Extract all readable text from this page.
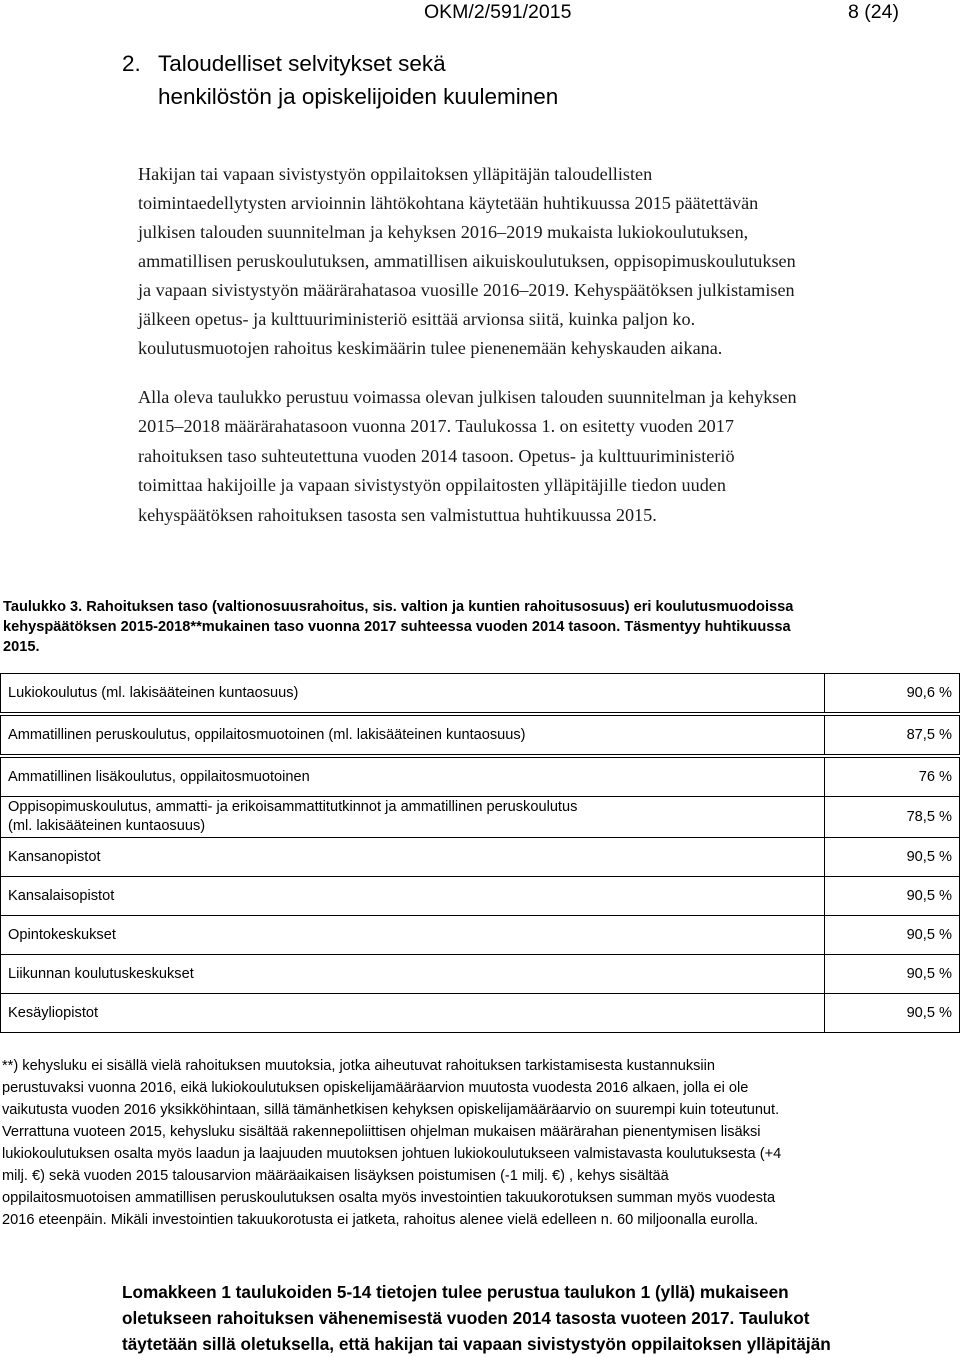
OKM/2/591/2015	8 (24)
2. Taloudelliset selvitykset sekä
henkilöstön ja opiskelijoiden kuuleminen
Hakijan tai vapaan sivistystyön oppilaitoksen ylläpitäjän taloudellisten
toimintaedellytysten arvioinnin lähtökohtana käytetään huhtikuussa 2015 päätettävän
julkisen talouden suunnitelman ja kehyksen 2016–2019 mukaista lukiokoulutuksen,
ammatillisen peruskoulutuksen, ammatillisen aikuiskoulutuksen, oppisopimuskoulutuksen
ja vapaan sivistystyön määrärahatasoa vuosille 2016–2019. Kehyspäätöksen julkistamisen
jälkeen opetus- ja kulttuuriministeriö esittää arvionsa siitä, kuinka paljon ko.
koulutusmuotojen rahoitus keskimäärin tulee pienenemään kehyskauden aikana.
Alla oleva taulukko perustuu voimassa olevan julkisen talouden suunnitelman ja kehyksen
2015–2018 määrärahatasoon vuonna 2017. Taulukossa 1. on esitetty vuoden 2017
rahoituksen taso suhteutettuna vuoden 2014 tasoon. Opetus- ja kulttuuriministeriö
toimittaa hakijoille ja vapaan sivistystyön oppilaitosten ylläpitäjille tiedon uuden
kehyspäätöksen rahoituksen tasosta sen valmistuttua huhtikuussa 2015.
Taulukko 3. Rahoituksen taso (valtionosuusrahoitus, sis. valtion ja kuntien rahoitusosuus) eri koulutusmuodoissa
kehyspäätöksen 2015-2018**mukainen taso vuonna 2017 suhteessa vuoden 2014 tasoon. Täsmentyy huhtikuussa
2015.
Lukiokoulutus (ml. lakisääteinen kuntaosuus)	90,6 %

Ammatillinen peruskoulutus, oppilaitosmuotoinen (ml. lakisääteinen kuntaosuus)	87,5 %

Ammatillinen lisäkoulutus, oppilaitosmuotoinen	76 %
Oppisopimuskoulutus, ammatti- ja erikoisammattitutkinnot ja ammatillinen peruskoulutus
(ml. lakisääteinen kuntaosuus)	78,5 %
Kansanopistot	90,5 %
Kansalaisopistot	90,5 %
Opintokeskukset	90,5 %
Liikunnan koulutuskeskukset	90,5 %
Kesäyliopistot	90,5 %
**) kehysluku ei sisällä vielä rahoituksen muutoksia, jotka aiheutuvat rahoituksen tarkistamisesta kustannuksiin
perustuvaksi vuonna 2016, eikä lukiokoulutuksen opiskelijamääräarvion muutosta vuodesta 2016 alkaen, jolla ei ole
vaikutusta vuoden 2016 yksikköhintaan, sillä tämänhetkisen kehyksen opiskelijamääräarvio on suurempi kuin toteutunut.
Verrattuna vuoteen 2015, kehysluku sisältää rakennepoliittisen ohjelman mukaisen määrärahan pienentymisen lisäksi
lukiokoulutuksen osalta myös laadun ja laajuuden muutoksen johtuen lukiokoulutukseen valmistavasta koulutuksesta (+4
milj. €) sekä vuoden 2015 talousarvion määräaikaisen lisäyksen poistumisen (-1 milj. €) , kehys sisältää
oppilaitosmuotoisen ammatillisen peruskoulutuksen osalta myös investointien takuukorotuksen summan myös vuodesta
2016 eteenpäin. Mikäli investointien takuukorotusta ei jatketa, rahoitus alenee vielä edelleen n. 60 miljoonalla eurolla.
Lomakkeen 1 taulukoiden 5-14 tietojen tulee perustua taulukon 1 (yllä) mukaiseen
oletukseen rahoituksen vähenemisestä vuoden 2014 tasosta vuoteen 2017. Taulukot
täytetään sillä oletuksella, että hakijan tai vapaan sivistystyön oppilaitoksen ylläpitäjän
